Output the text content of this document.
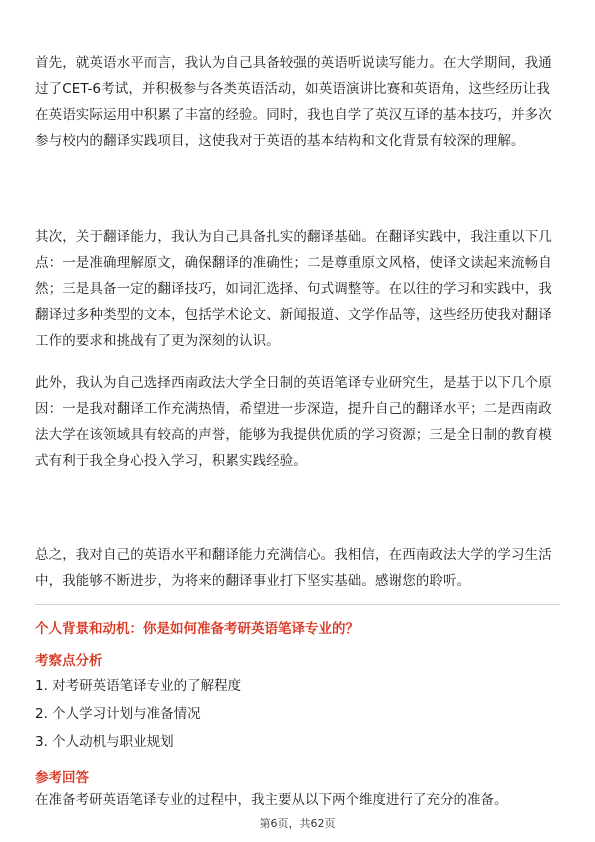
首先，就英语水平而言，我认为自己具备较强的英语听说读写能力。在大学期间，我通过了CET-6考试，并积极参与各类英语活动，如英语演讲比赛和英语角，这些经历让我在英语实际运用中积累了丰富的经验。同时，我也自学了英汉互译的基本技巧，并多次参与校内的翻译实践项目，这使我对于英语的基本结构和文化背景有较深的理解。

其次，关于翻译能力，我认为自己具备扎实的翻译基础。在翻译实践中，我注重以下几点：一是准确理解原文，确保翻译的准确性；二是尊重原文风格，使译文读起来流畅自然；三是具备一定的翻译技巧，如词汇选择、句式调整等。在以往的学习和实践中，我翻译过多种类型的文本，包括学术论文、新闻报道、文学作品等，这些经历使我对翻译工作的要求和挑战有了更为深刻的认识。

此外，我认为自己选择西南政法大学全日制的英语笔译专业研究生，是基于以下几个原因：一是我对翻译工作充满热情，希望进一步深造，提升自己的翻译水平；二是西南政法大学在该领域具有较高的声誉，能够为我提供优质的学习资源；三是全日制的教育模式有利于我全身心投入学习，积累实践经验。

总之，我对自己的英语水平和翻译能力充满信心。我相信，在西南政法大学的学习生活中，我能够不断进步，为将来的翻译事业打下坚实基础。感谢您的聆听。

个人背景和动机：你是如何准备考研英语笔译专业的？

考察点分析

1. 对考研英语笔译专业的了解程度
2. 个人学习计划与准备情况
3. 个人动机与职业规划

参考回答

在准备考研英语笔译专业的过程中，我主要从以下两个维度进行了充分的准备。

第6页，共62页
